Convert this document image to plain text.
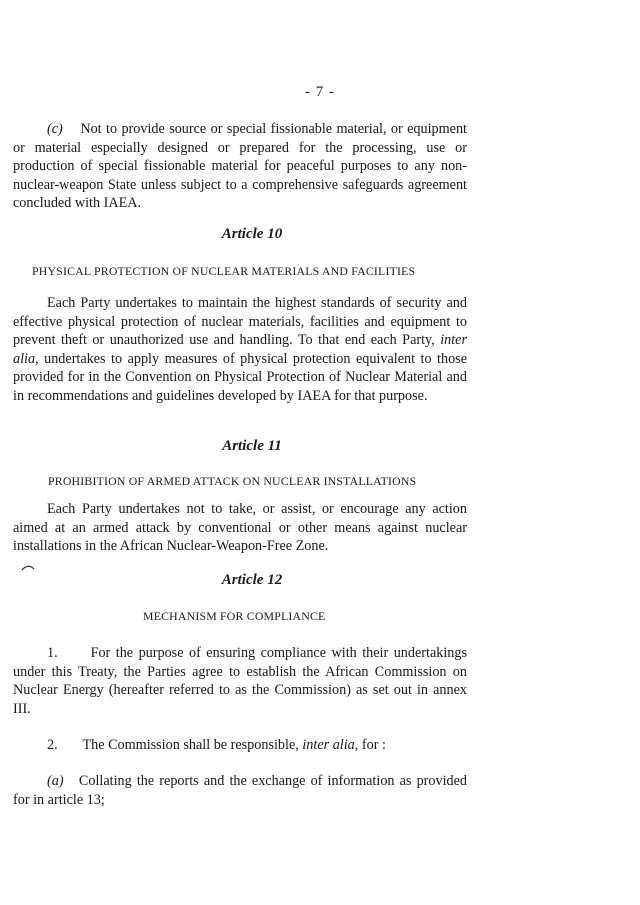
- 7 -

(c) Not to provide source or special fissionable material, or equipment or material especially designed or prepared for the processing, use or production of special fissionable material for peaceful purposes to any non-nuclear-weapon State unless subject to a comprehensive safeguards agreement concluded with IAEA.

Article 10
PHYSICAL PROTECTION OF NUCLEAR MATERIALS AND FACILITIES

Each Party undertakes to maintain the highest standards of security and effective physical protection of nuclear materials, facilities and equipment to prevent theft or unauthorized use and handling. To that end each Party, inter alia, undertakes to apply measures of physical protection equivalent to those provided for in the Convention on Physical Protection of Nuclear Material and in recommendations and guidelines developed by IAEA for that purpose.

Article 11
PROHIBITION OF ARMED ATTACK ON NUCLEAR INSTALLATIONS

Each Party undertakes not to take, or assist, or encourage any action aimed at an armed attack by conventional or other means against nuclear installations in the African Nuclear-Weapon-Free Zone.

Article 12
MECHANISM FOR COMPLIANCE

1. For the purpose of ensuring compliance with their undertakings under this Treaty, the Parties agree to establish the African Commission on Nuclear Energy (hereafter referred to as the Commission) as set out in annex III.

2. The Commission shall be responsible, inter alia, for :

(a) Collating the reports and the exchange of information as provided for in article 13;
